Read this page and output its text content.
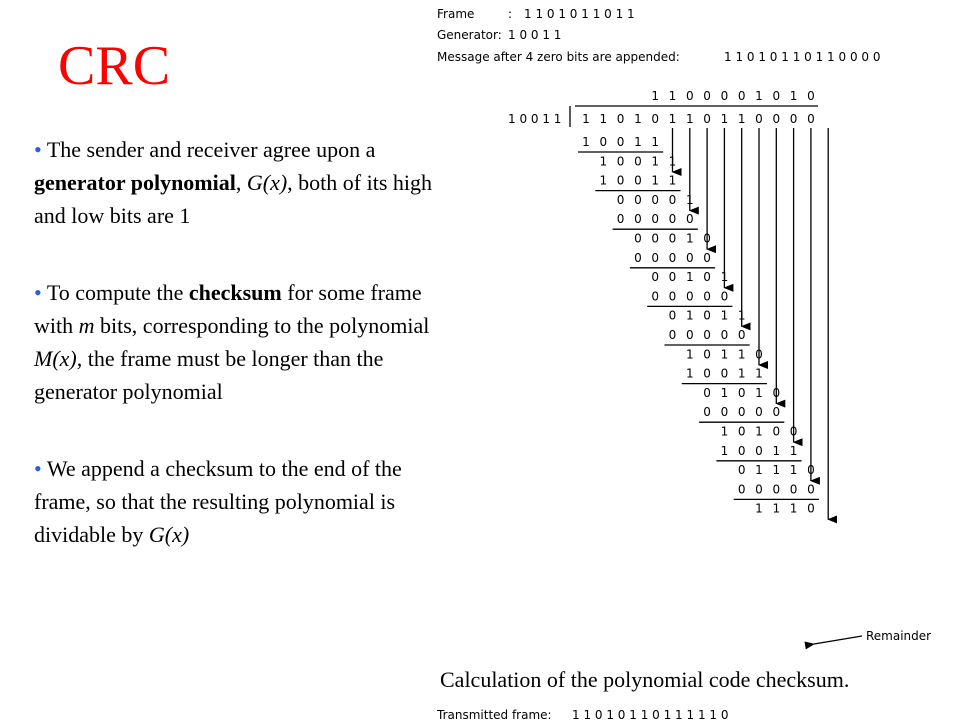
CRC
• The sender and receiver agree upon a generator polynomial, G(x), both of its high and low bits are 1
• To compute the checksum for some frame with m bits, corresponding to the polynomial M(x), the frame must be longer than the generator polynomial
• We append a checksum to the end of the frame, so that the resulting polynomial is dividable by G(x)
Frame	: 1 1 0 1 0 1 1 0 1 1
Generator: 1 0 0 1 1
Message after 4 zero bits are appended:	1 1 0 1 0 1 1 0 1 1 0 0 0 0
1 1 0 0 0 0 1 0 1 0
1 0 0 1 1 1 1 0 1 0 1 1 0 1 1 0 0 0 0
1 0 0 1 1
1 0 0 1 1
1 0 0 1 1
0 0 0 0 1
0 0 0 0 0
0 0 0 1 0
0 0 0 0 0
0 0 1 0 1
0 0 0 0 0
0 1 0 1 1
0 0 0 0 0
1 0 1 1 0
1 0 0 1 1
0 1 0 1 0
0 0 0 0 0
1 0 1 0 0
1 0 0 1 1
0 1 1 1 0
0 0 0 0 0
1 1 1 0
Remainder
Transmitted frame: 1 1 0 1 0 1 1 0 1 1 1 1 1 0
Calculation of the polynomial code checksum.
